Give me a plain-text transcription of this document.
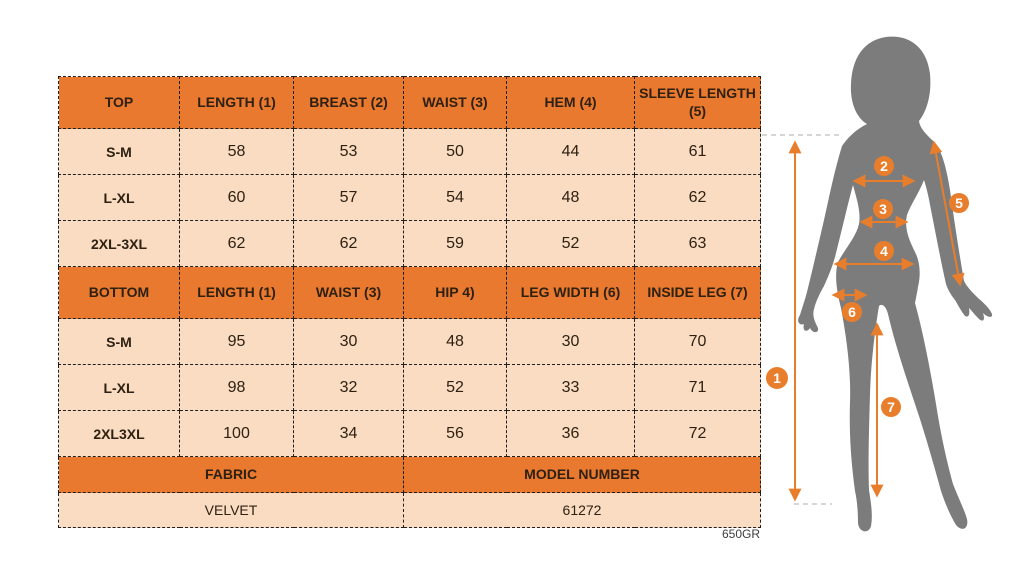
TOP	LENGTH (1)	BREAST (2)	WAIST (3)	HEM (4)	SLEEVE LENGTH (5)
S-M	58	53	50	44	61
L-XL	60	57	54	48	62
2XL-3XL	62	62	59	52	63
BOTTOM	LENGTH (1)	WAIST (3)	HIP 4)	LEG WIDTH (6)	INSIDE LEG (7)
S-M	95	30	48	30	70
L-XL	98	32	52	33	71
2XL3XL	100	34	56	36	72
FABRIC			MODEL NUMBER		
VELVET			61272		
650GR
1
2
3
4
5
6
7
